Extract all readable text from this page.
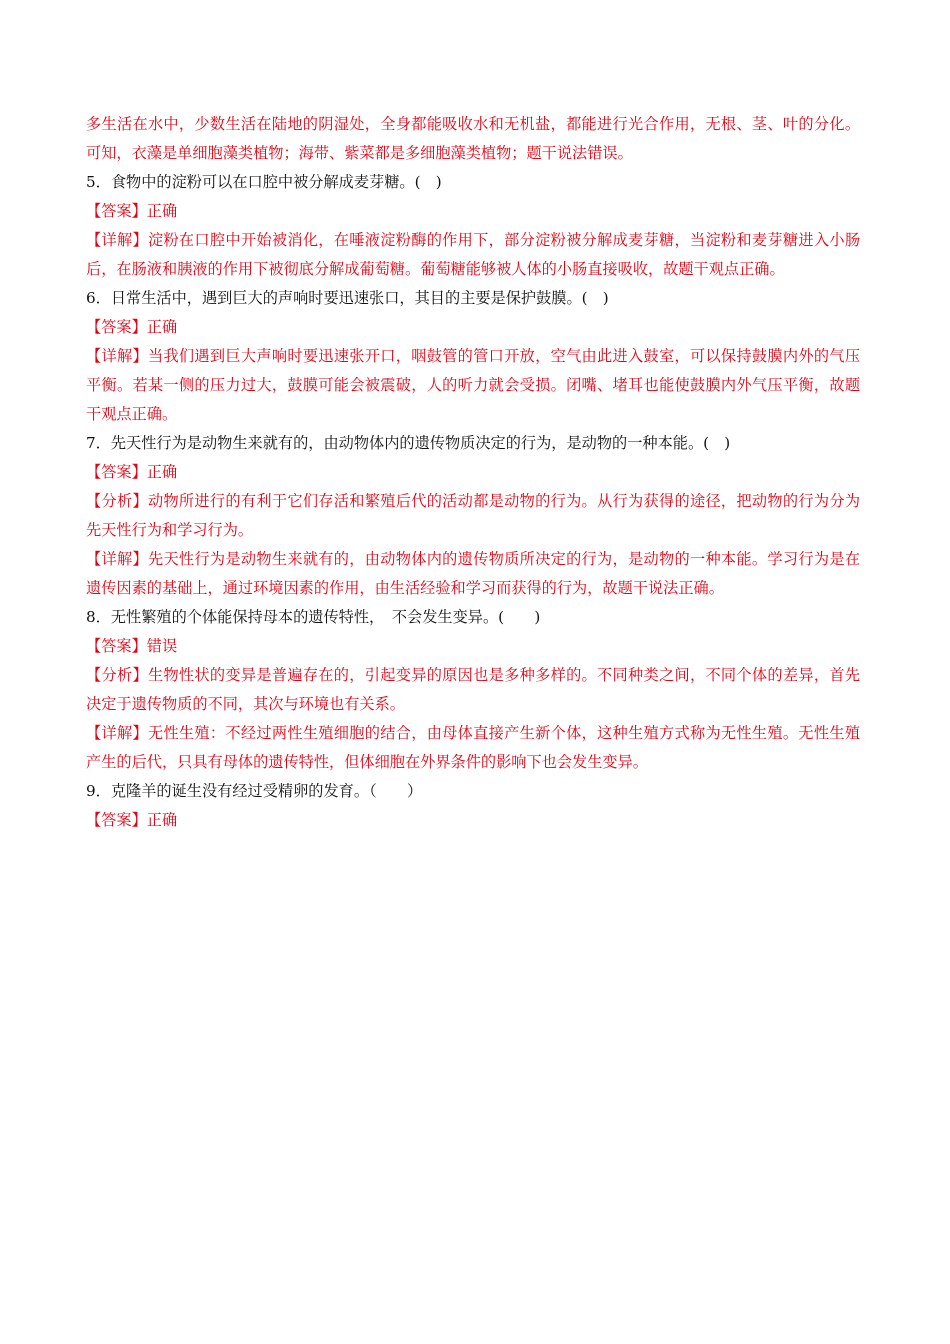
多生活在水中，少数生活在陆地的阴湿处，全身都能吸收水和无机盐，都能进行光合作用，无根、茎、叶的分化。可知，衣藻是单细胞藻类植物；海带、紫菜都是多细胞藻类植物；题干说法错误。
5．食物中的淀粉可以在口腔中被分解成麦芽糖。(　)
【答案】正确
【详解】淀粉在口腔中开始被消化，在唾液淀粉酶的作用下，部分淀粉被分解成麦芽糖，当淀粉和麦芽糖进入小肠后，在肠液和胰液的作用下被彻底分解成葡萄糖。葡萄糖能够被人体的小肠直接吸收，故题干观点正确。
6．日常生活中，遇到巨大的声响时要迅速张口，其目的主要是保护鼓膜。(　)
【答案】正确
【详解】当我们遇到巨大声响时要迅速张开口，咽鼓管的管口开放，空气由此进入鼓室，可以保持鼓膜内外的气压平衡。若某一侧的压力过大，鼓膜可能会被震破，人的听力就会受损。闭嘴、堵耳也能使鼓膜内外气压平衡，故题干观点正确。
7．先天性行为是动物生来就有的，由动物体内的遗传物质决定的行为，是动物的一种本能。(　)
【答案】正确
【分析】动物所进行的有利于它们存活和繁殖后代的活动都是动物的行为。从行为获得的途径，把动物的行为分为先天性行为和学习行为。
【详解】先天性行为是动物生来就有的，由动物体内的遗传物质所决定的行为，是动物的一种本能。学习行为是在遗传因素的基础上，通过环境因素的作用，由生活经验和学习而获得的行为，故题干说法正确。
8．无性繁殖的个体能保持母本的遗传特性，　不会发生变异。(　　)
【答案】错误
【分析】生物性状的变异是普遍存在的，引起变异的原因也是多种多样的。不同种类之间，不同个体的差异，首先决定于遗传物质的不同，其次与环境也有关系。
【详解】无性生殖：不经过两性生殖细胞的结合，由母体直接产生新个体，这种生殖方式称为无性生殖。无性生殖产生的后代，只具有母体的遗传特性，但体细胞在外界条件的影响下也会发生变异。
9．克隆羊的诞生没有经过受精卵的发育。（　　）
【答案】正确
